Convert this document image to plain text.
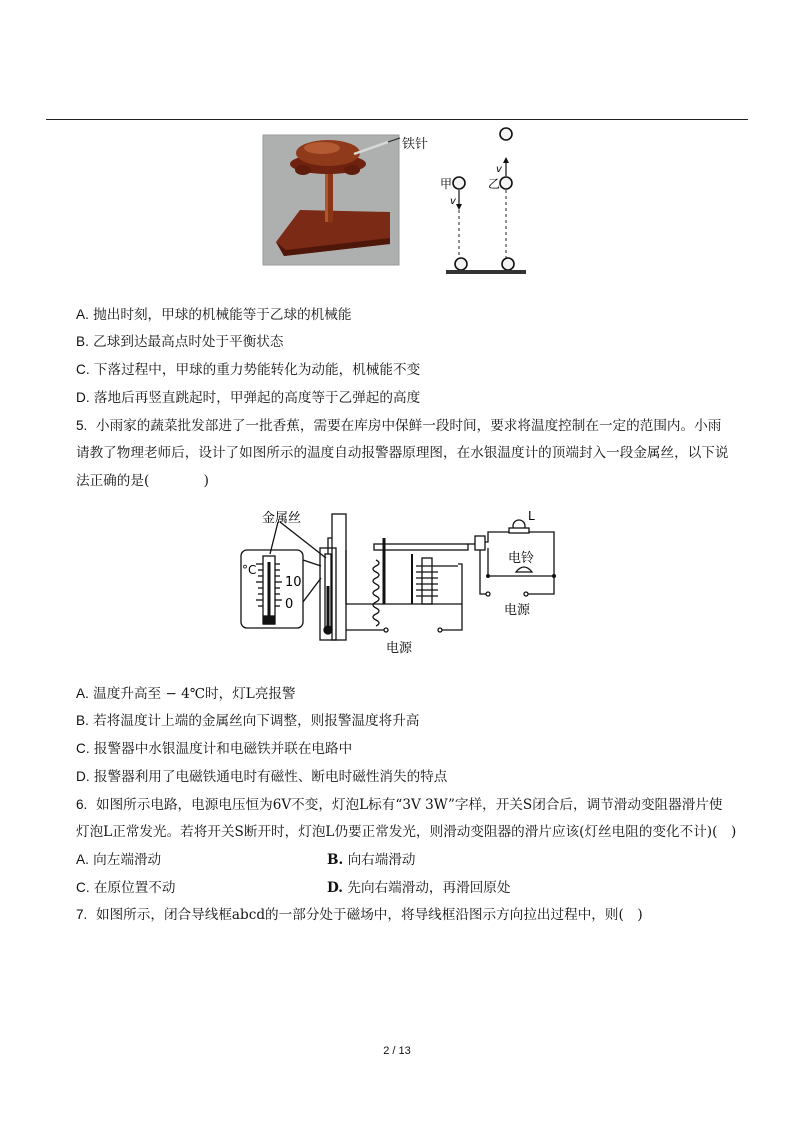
铁针
甲	乙
v
v
A. 抛出时刻，甲球的机械能等于乙球的机械能
B. 乙球到达最高点时处于平衡状态
C. 下落过程中，甲球的重力势能转化为动能，机械能不变
D. 落地后再竖直跳起时，甲弹起的高度等于乙弹起的高度
5. 小雨家的蔬菜批发部进了一批香蕉，需要在库房中保鲜一段时间，要求将温度控制在一定的范围内。小雨
请教了物理老师后，设计了如图所示的温度自动报警器原理图，在水银温度计的顶端封入一段金属丝，以下说
法正确的是(　　　　)
金属丝
°C
10
0
电源
电源
电铃
L
A. 温度升高至 − 4℃时，灯L亮报警
B. 若将温度计上端的金属丝向下调整，则报警温度将升高
C. 报警器中水银温度计和电磁铁并联在电路中
D. 报警器利用了电磁铁通电时有磁性、断电时磁性消失的特点
6. 如图所示电路，电源电压恒为6V不变，灯泡L标有“3V 3W”字样，开关S闭合后，调节滑动变阻器滑片使
灯泡L正常发光。若将开关S断开时，灯泡L仍要正常发光，则滑动变阻器的滑片应该(灯丝电阻的变化不计)(　)
A. 向左端滑动	B. 向右端滑动
C. 在原位置不动	D. 先向右端滑动，再滑回原处
7. 如图所示，闭合导线框abcd的一部分处于磁场中，将导线框沿图示方向拉出过程中，则(　)
2 / 13
